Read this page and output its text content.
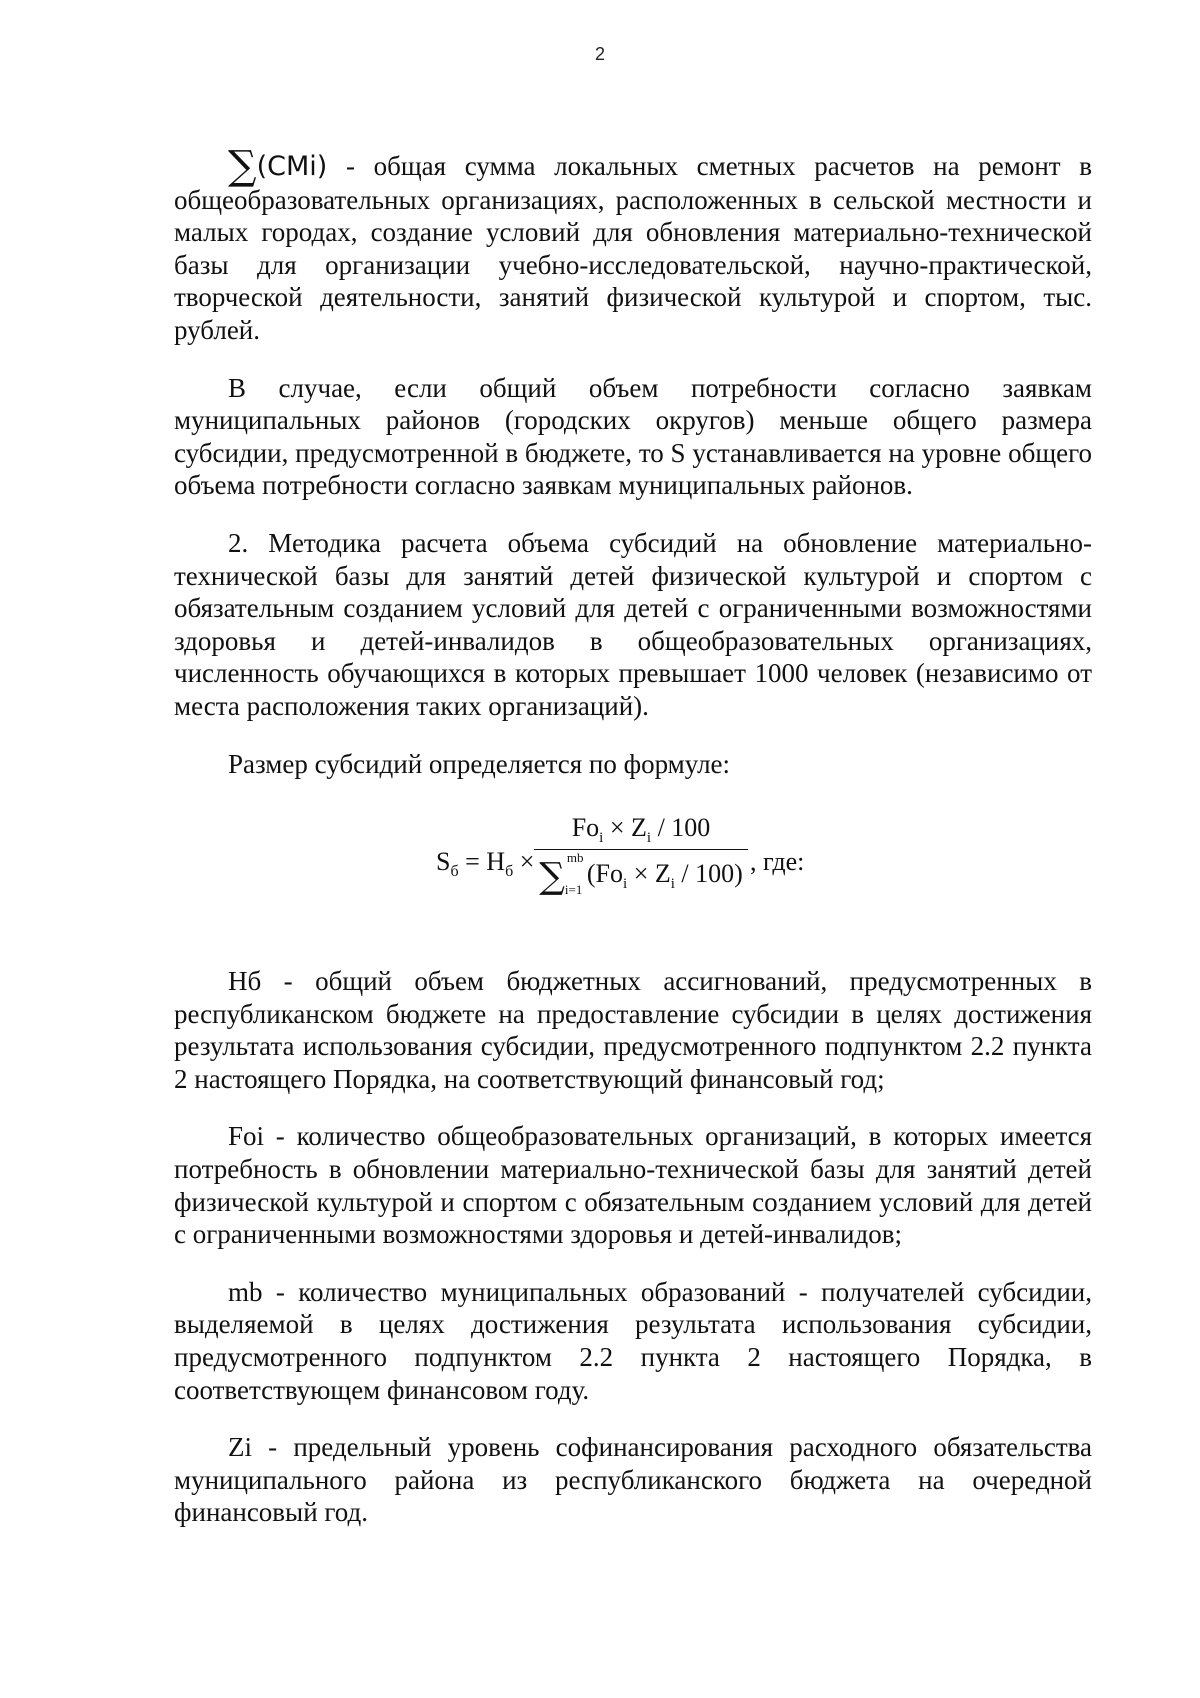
2

∑(CMi) - общая сумма локальных сметных расчетов на ремонт в общеобразовательных организациях, расположенных в сельской местности и малых городах, создание условий для обновления материально-технической базы для организации учебно-исследовательской, научно-практической, творческой деятельности, занятий физической культурой и спортом, тыс. рублей.

В случае, если общий объем потребности согласно заявкам муниципальных районов (городских округов) меньше общего размера субсидии, предусмотренной в бюджете, то S устанавливается на уровне общего объема потребности согласно заявкам муниципальных районов.

2. Методика расчета объема субсидий на обновление материально-технической базы для занятий детей физической культурой и спортом с обязательным созданием условий для детей с ограниченными возможностями здоровья и детей-инвалидов в общеобразовательных организациях, численность обучающихся в которых превышает 1000 человек (независимо от места расположения таких организаций).

Размер субсидий определяется по формуле:

$S_б = H_б$ ×
$Fo_i \times Z_i / 100$
∑ mb
i=1
$(Fo_i \times Z_i / 100)$ , где:

Нб - общий объем бюджетных ассигнований, предусмотренных в республиканском бюджете на предоставление субсидии в целях достижения результата использования субсидии, предусмотренного подпунктом 2.2 пункта 2 настоящего Порядка, на соответствующий финансовый год;

Foi - количество общеобразовательных организаций, в которых имеется потребность в обновлении материально-технической базы для занятий детей физической культурой и спортом с обязательным созданием условий для детей с ограниченными возможностями здоровья и детей-инвалидов;

mb - количество муниципальных образований - получателей субсидии, выделяемой в целях достижения результата использования субсидии, предусмотренного подпунктом 2.2 пункта 2 настоящего Порядка, в соответствующем финансовом году.

Zi - предельный уровень софинансирования расходного обязательства муниципального района из республиканского бюджета на очередной финансовый год.
